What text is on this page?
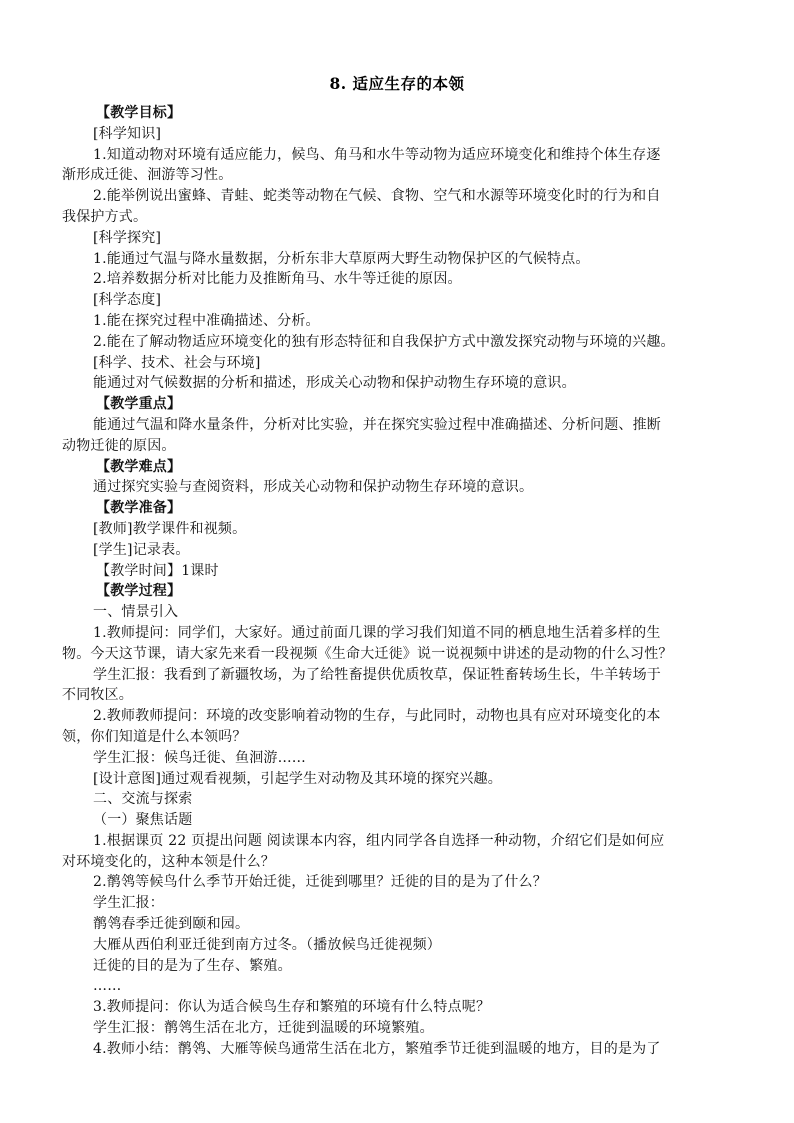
8. 适应生存的本领

【教学目标】

[科学知识]

1.知道动物对环境有适应能力，候鸟、角马和水牛等动物为适应环境变化和维持个体生存逐

渐形成迁徙、洄游等习性。

2.能举例说出蜜蜂、青蛙、蛇类等动物在气候、食物、空气和水源等环境变化时的行为和自

我保护方式。

[科学探究]

1.能通过气温与降水量数据，分析东非大草原两大野生动物保护区的气候特点。

2.培养数据分析对比能力及推断角马、水牛等迁徙的原因。

[科学态度]

1.能在探究过程中准确描述、分析。

2.能在了解动物适应环境变化的独有形态特征和自我保护方式中激发探究动物与环境的兴趣。

[科学、技术、社会与环境]

能通过对气候数据的分析和描述，形成关心动物和保护动物生存环境的意识。

【教学重点】

能通过气温和降水量条件，分析对比实验，并在探究实验过程中准确描述、分析问题、推断

动物迁徙的原因。

【教学难点】

通过探究实验与查阅资料，形成关心动物和保护动物生存环境的意识。

【教学准备】

[教师]教学课件和视频。

[学生]记录表。

【教学时间】1课时

【教学过程】

一、情景引入

1.教师提问：同学们，大家好。通过前面几课的学习我们知道不同的栖息地生活着多样的生

物。今天这节课，请大家先来看一段视频《生命大迁徙》说一说视频中讲述的是动物的什么习性？

学生汇报：我看到了新疆牧场，为了给牲畜提供优质牧草，保证牲畜转场生长，牛羊转场于

不同牧区。

2.教师教师提问：环境的改变影响着动物的生存，与此同时，动物也具有应对环境变化的本

领，你们知道是什么本领吗？

学生汇报：候鸟迁徙、鱼洄游……

[设计意图]通过观看视频，引起学生对动物及其环境的探究兴趣。

二、交流与探索

（一）聚焦话题

1.根据课页 22 页提出问题 阅读课本内容，组内同学各自选择一种动物，介绍它们是如何应

对环境变化的，这种本领是什么？

2.鹡鸰等候鸟什么季节开始迁徙，迁徙到哪里？迁徙的目的是为了什么？

学生汇报：

鹡鸰春季迁徙到颐和园。

大雁从西伯利亚迁徙到南方过冬。（播放候鸟迁徙视频）

迁徙的目的是为了生存、繁殖。

……

3.教师提问：你认为适合候鸟生存和繁殖的环境有什么特点呢？

学生汇报：鹡鸰生活在北方，迁徙到温暖的环境繁殖。

4.教师小结：鹡鸰、大雁等候鸟通常生活在北方，繁殖季节迁徙到温暖的地方，目的是为了
